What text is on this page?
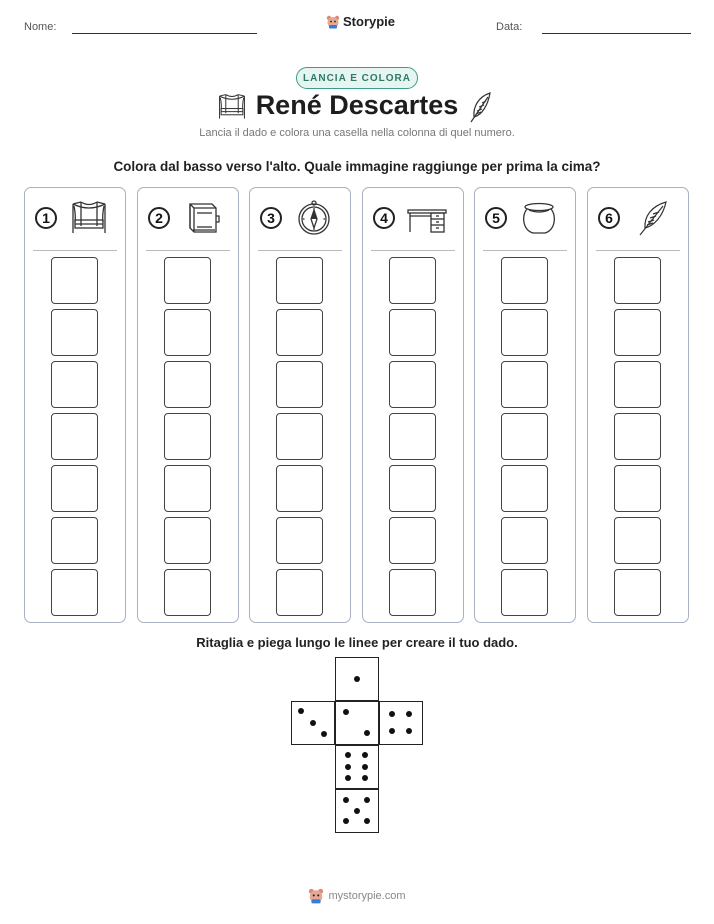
Nome:	Storypie	Data:
LANCIA E COLORA
René Descartes
Lancia il dado e colora una casella nella colonna di quel numero.
Colora dal basso verso l'alto. Quale immagine raggiunge per prima la cima?
1	2	3	4	5	6
Ritaglia e piega lungo le linee per creare il tuo dado.
mystorypie.com
